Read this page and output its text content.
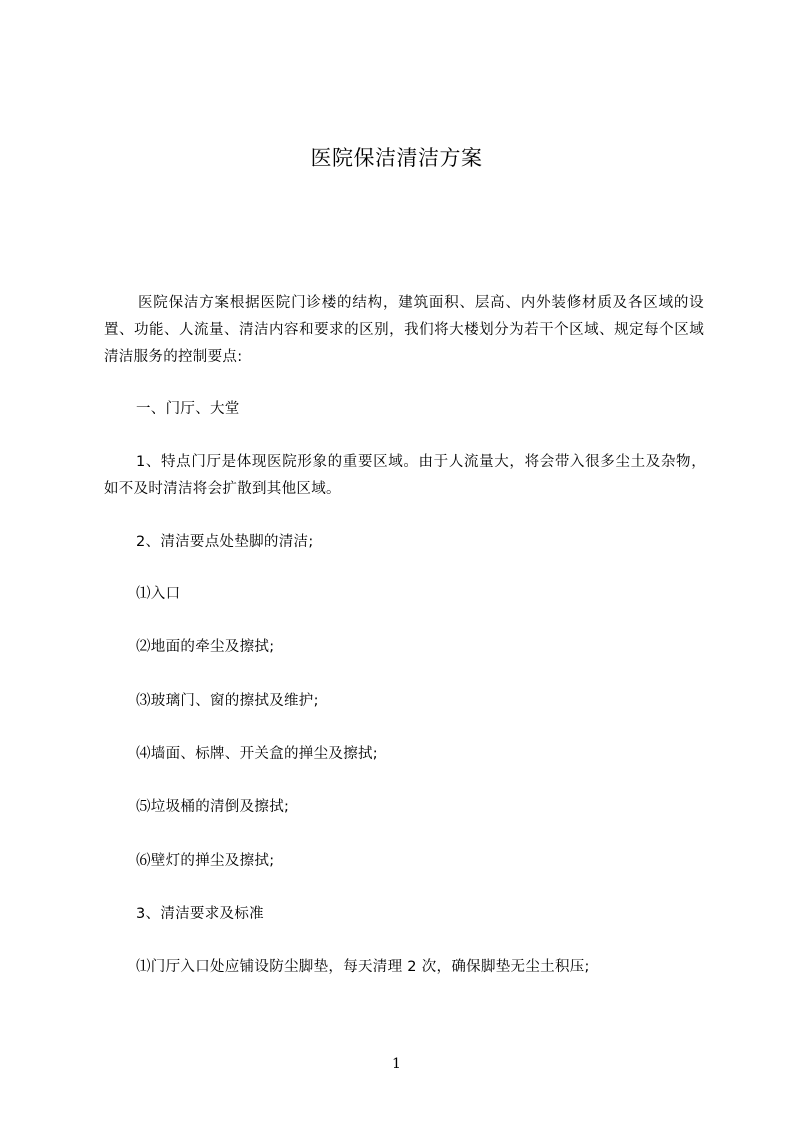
医院保洁清洁方案
医院保洁方案根据医院门诊楼的结构，建筑面积、层高、内外装修材质及各区域的设置、功能、人流量、清洁内容和要求的区别，我们将大楼划分为若干个区域、规定每个区域清洁服务的控制要点:
一、门厅、大堂
1、特点门厅是体现医院形象的重要区域。由于人流量大，将会带入很多尘土及杂物，如不及时清洁将会扩散到其他区域。
2、清洁要点处垫脚的清洁;
⑴入口
⑵地面的牵尘及擦拭;
⑶玻璃门、窗的擦拭及维护;
⑷墙面、标牌、开关盒的掸尘及擦拭;
⑸垃圾桶的清倒及擦拭;
⑹壁灯的掸尘及擦拭;
3、清洁要求及标准
⑴门厅入口处应铺设防尘脚垫，每天清理 2 次，确保脚垫无尘土积压;
1
